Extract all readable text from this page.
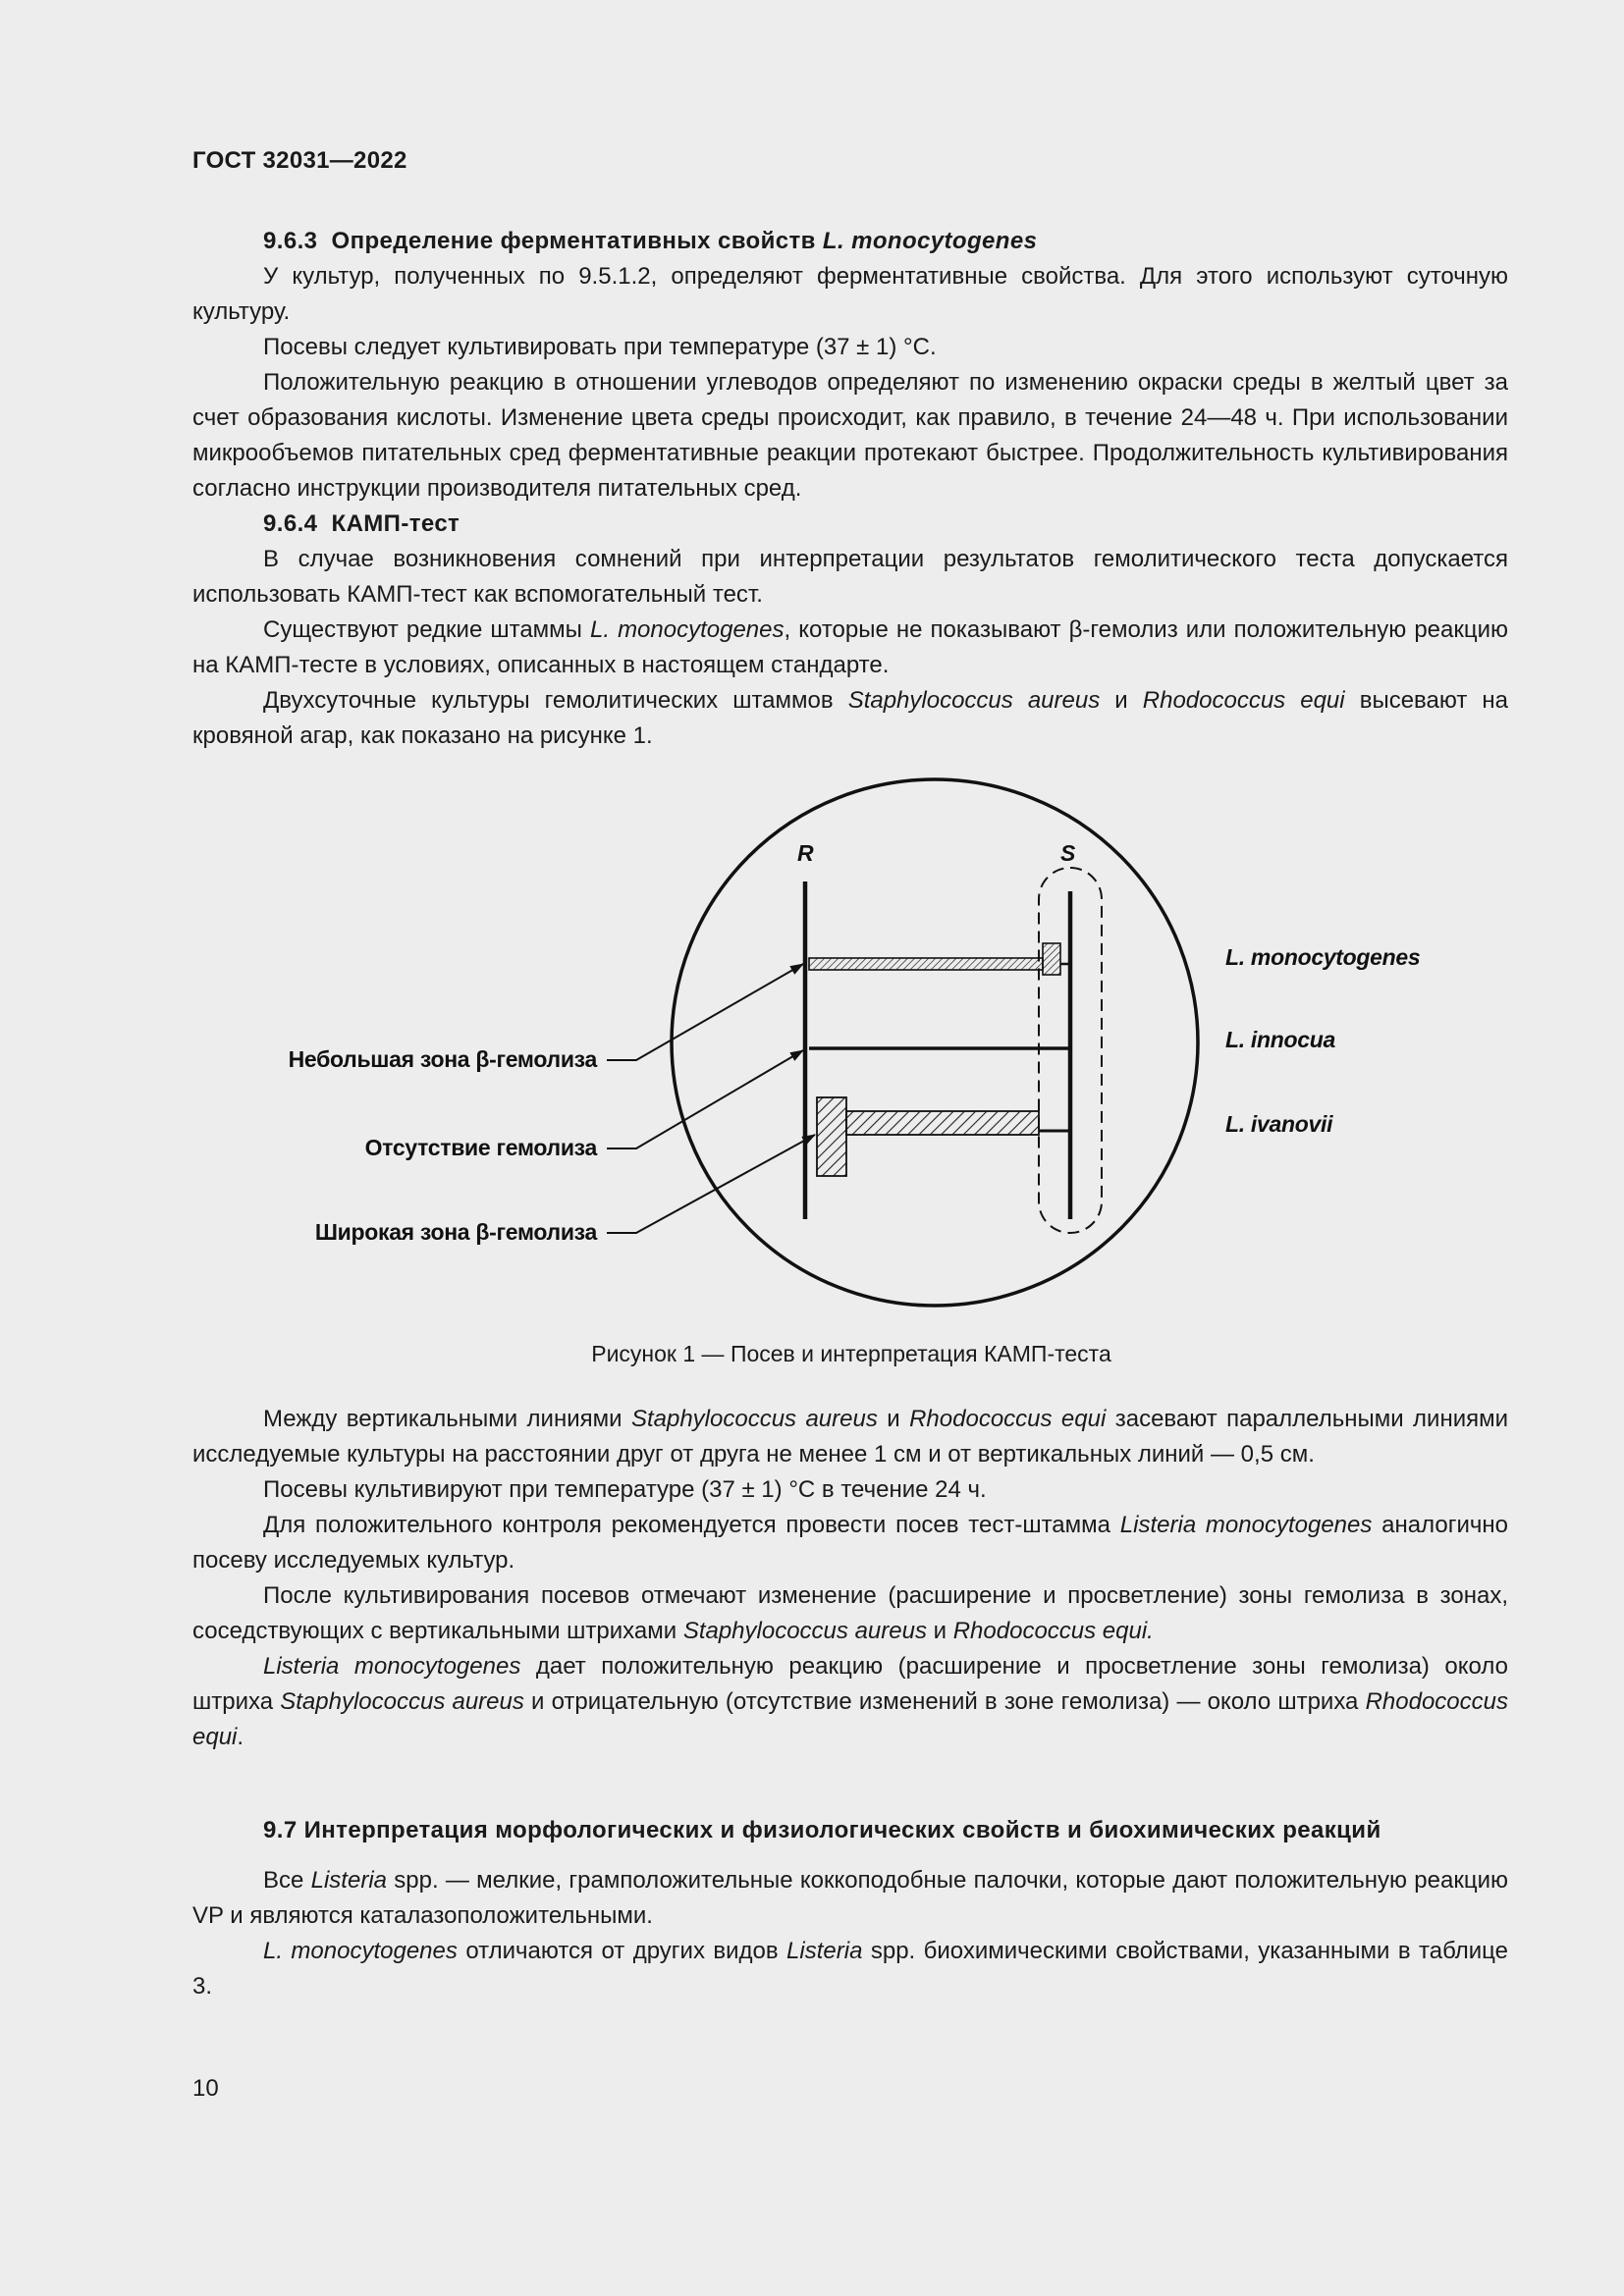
ГОСТ 32031—2022
9.6.3 Определение ферментативных свойств L. monocytogenes

У культур, полученных по 9.5.1.2, определяют ферментативные свойства. Для этого используют суточную культуру.

Посевы следует культивировать при температуре (37 ± 1) °C.

Положительную реакцию в отношении углеводов определяют по изменению окраски среды в желтый цвет за счет образования кислоты. Изменение цвета среды происходит, как правило, в течение 24—48 ч. При использовании микрообъемов питательных сред ферментативные реакции протекают быстрее. Продолжительность культивирования согласно инструкции производителя питательных сред.

9.6.4  КАМП-тест

В случае возникновения сомнений при интерпретации результатов гемолитического теста допускается использовать КАМП-тест как вспомогательный тест.

Существуют редкие штаммы L. monocytogenes, которые не показывают β-гемолиз или положительную реакцию на КАМП-тесте в условиях, описанных в настоящем стандарте.

Двухсуточные культуры гемолитических штаммов Staphylococcus aureus и Rhodococcus equi высевают на кровяной агар, как показано на рисунке 1.

R	S
Небольшая зона β-гемолиза
Отсутствие гемолиза
Широкая зона β-гемолиза
L. monocytogenes
L. innocua
L. ivanovii
Рисунок 1 — Посев и интерпретация КАМП-теста

Между вертикальными линиями Staphylococcus aureus и Rhodococcus equi засевают параллельными линиями исследуемые культуры на расстоянии друг от друга не менее 1 см и от вертикальных линий — 0,5 см.

Посевы культивируют при температуре (37 ± 1) °C в течение 24 ч.

Для положительного контроля рекомендуется провести посев тест-штамма Listeria monocytogenes аналогично посеву исследуемых культур.

После культивирования посевов отмечают изменение (расширение и просветление) зоны гемолиза в зонах, соседствующих с вертикальными штрихами Staphylococcus aureus и Rhodococcus equi.

Listeria monocytogenes дает положительную реакцию (расширение и просветление зоны гемолиза) около штриха Staphylococcus aureus и отрицательную (отсутствие изменений в зоне гемолиза) — около штриха Rhodococcus equi.

9.7 Интерпретация морфологических и физиологических свойств и биохимических реакций

Все Listeria spp. — мелкие, грамположительные коккоподобные палочки, которые дают положительную реакцию VP и являются каталазоположительными.

L. monocytogenes отличаются от других видов Listeria spp. биохимическими свойствами, указанными в таблице 3.

10
